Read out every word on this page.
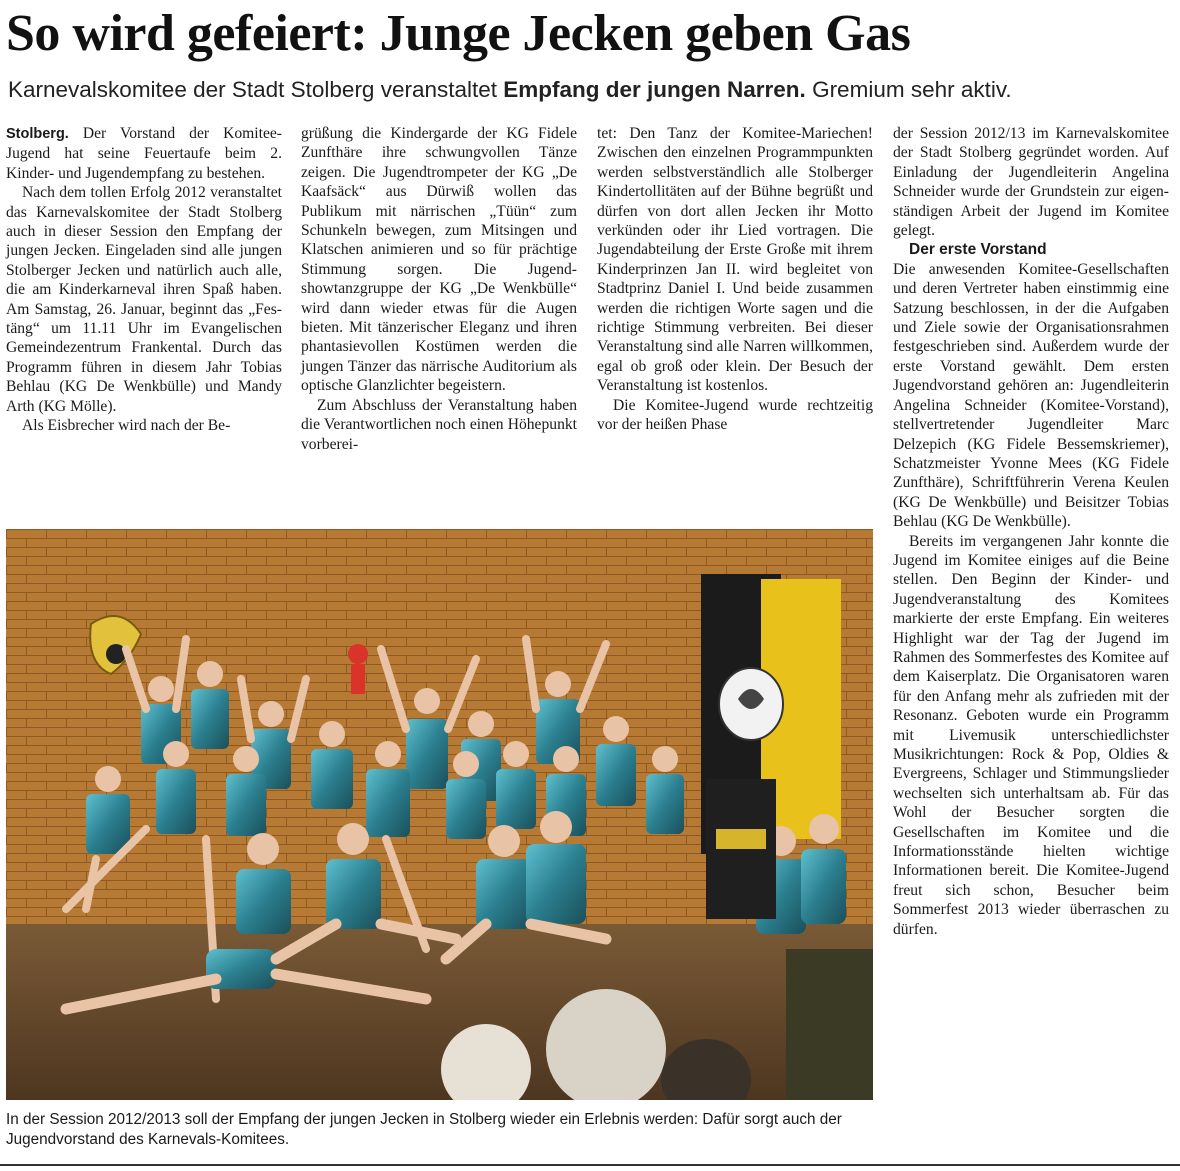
So wird gefeiert: Junge Jecken geben Gas
Karnevalskomitee der Stadt Stolberg veranstaltet Empfang der jungen Narren. Gremium sehr aktiv.

Stolberg. Der Vorstand der Komitee-Jugend hat seine Feuertaufe beim 2. Kinder- und Jugendempfang zu bestehen.

Nach dem tollen Erfolg 2012 veranstaltet das Karnevalskomitee der Stadt Stolberg auch in dieser Session den Empfang der jungen Jecken. Eingeladen sind alle jungen Stolberger Jecken und natürlich auch alle, die am Kinderkarneval ihren Spaß haben. Am Samstag, 26. Januar, beginnt das „Festäng“ um 11.11 Uhr im Evangelischen Gemeindezentrum Frankental. Durch das Programm führen in diesem Jahr Tobias Behlau (KG De Wenkbülle) und Mandy Arth (KG Mölle).

Als Eisbrecher wird nach der Be-

grüßung die Kindergarde der KG Fidele Zunfthäre ihre schwungvollen Tänze zeigen. Die Jugendtrompeter der KG „De Kaafsäck“ aus Dürwiß wollen das Publikum mit närrischen „Tüün“ zum Schunkeln bewegen, zum Mitsingen und Klatschen animieren und so für prächtige Stimmung sorgen. Die Jugendshowtanzgruppe der KG „De Wenkbülle“ wird dann wieder etwas für die Augen bieten. Mit tänzerischer Eleganz und ihren phantasievollen Kostümen werden die jungen Tänzer das närrische Auditorium als optische Glanzlichter begeistern.

Zum Abschluss der Veranstaltung haben die Verantwortlichen noch einen Höhepunkt vorberei-

tet: Den Tanz der Komitee-Mariechen! Zwischen den einzelnen Programmpunkten werden selbstverständlich alle Stolberger Kindertollitäten auf der Bühne begrüßt und dürfen von dort allen Jecken ihr Motto verkünden oder ihr Lied vortragen. Die Jugendabteilung der Erste Große mit ihrem Kinderprinzen Jan II. wird begleitet von Stadtprinz Daniel I. Und beide zusammen werden die richtigen Worte sagen und die richtige Stimmung verbreiten. Bei dieser Veranstaltung sind alle Narren willkommen, egal ob groß oder klein. Der Besuch der Veranstaltung ist kostenlos.

Die Komitee-Jugend wurde rechtzeitig vor der heißen Phase

der Session 2012/13 im Karnevalskomitee der Stadt Stolberg gegründet worden. Auf Einladung der Jugendleiterin Angelina Schneider wurde der Grundstein zur eigenständigen Arbeit der Jugend im Komitee gelegt.

Der erste Vorstand

Die anwesenden Komitee-Gesellschaften und deren Vertreter haben einstimmig eine Satzung beschlossen, in der die Aufgaben und Ziele sowie der Organisationsrahmen festgeschrieben sind. Außerdem wurde der erste Vorstand gewählt. Dem ersten Jugendvorstand gehören an: Jugendleiterin Angelina Schneider (Komitee-Vorstand), stellvertretender Jugendleiter Marc Delzepich (KG Fidele Bessemskriemer), Schatzmeister Yvonne Mees (KG Fidele Zunfthäre), Schriftführerin Verena Keulen (KG De Wenkbülle) und Beisitzer Tobias Behlau (KG De Wenkbülle).

Bereits im vergangenen Jahr konnte die Jugend im Komitee einiges auf die Beine stellen. Den Beginn der Kinder- und Jugendveranstaltung des Komitees markierte der erste Empfang. Ein weiteres Highlight war der Tag der Jugend im Rahmen des Sommerfestes des Komitee auf dem Kaiserplatz. Die Organisatoren waren für den Anfang mehr als zufrieden mit der Resonanz. Geboten wurde ein Programm mit Livemusik unterschiedlichster Musikrichtungen: Rock & Pop, Oldies & Evergreens, Schlager und Stimmungslieder wechselten sich unterhaltsam ab. Für das Wohl der Besucher sorgten die Gesellschaften im Komitee und die Informationsstände hielten wichtige Informationen bereit. Die Komitee-Jugend freut sich schon, Besucher beim Sommerfest 2013 wieder überraschen zu dürfen.

In der Session 2012/2013 soll der Empfang der jungen Jecken in Stolberg wieder ein Erlebnis werden: Dafür sorgt auch der Jugendvorstand des Karnevals-Komitees.
